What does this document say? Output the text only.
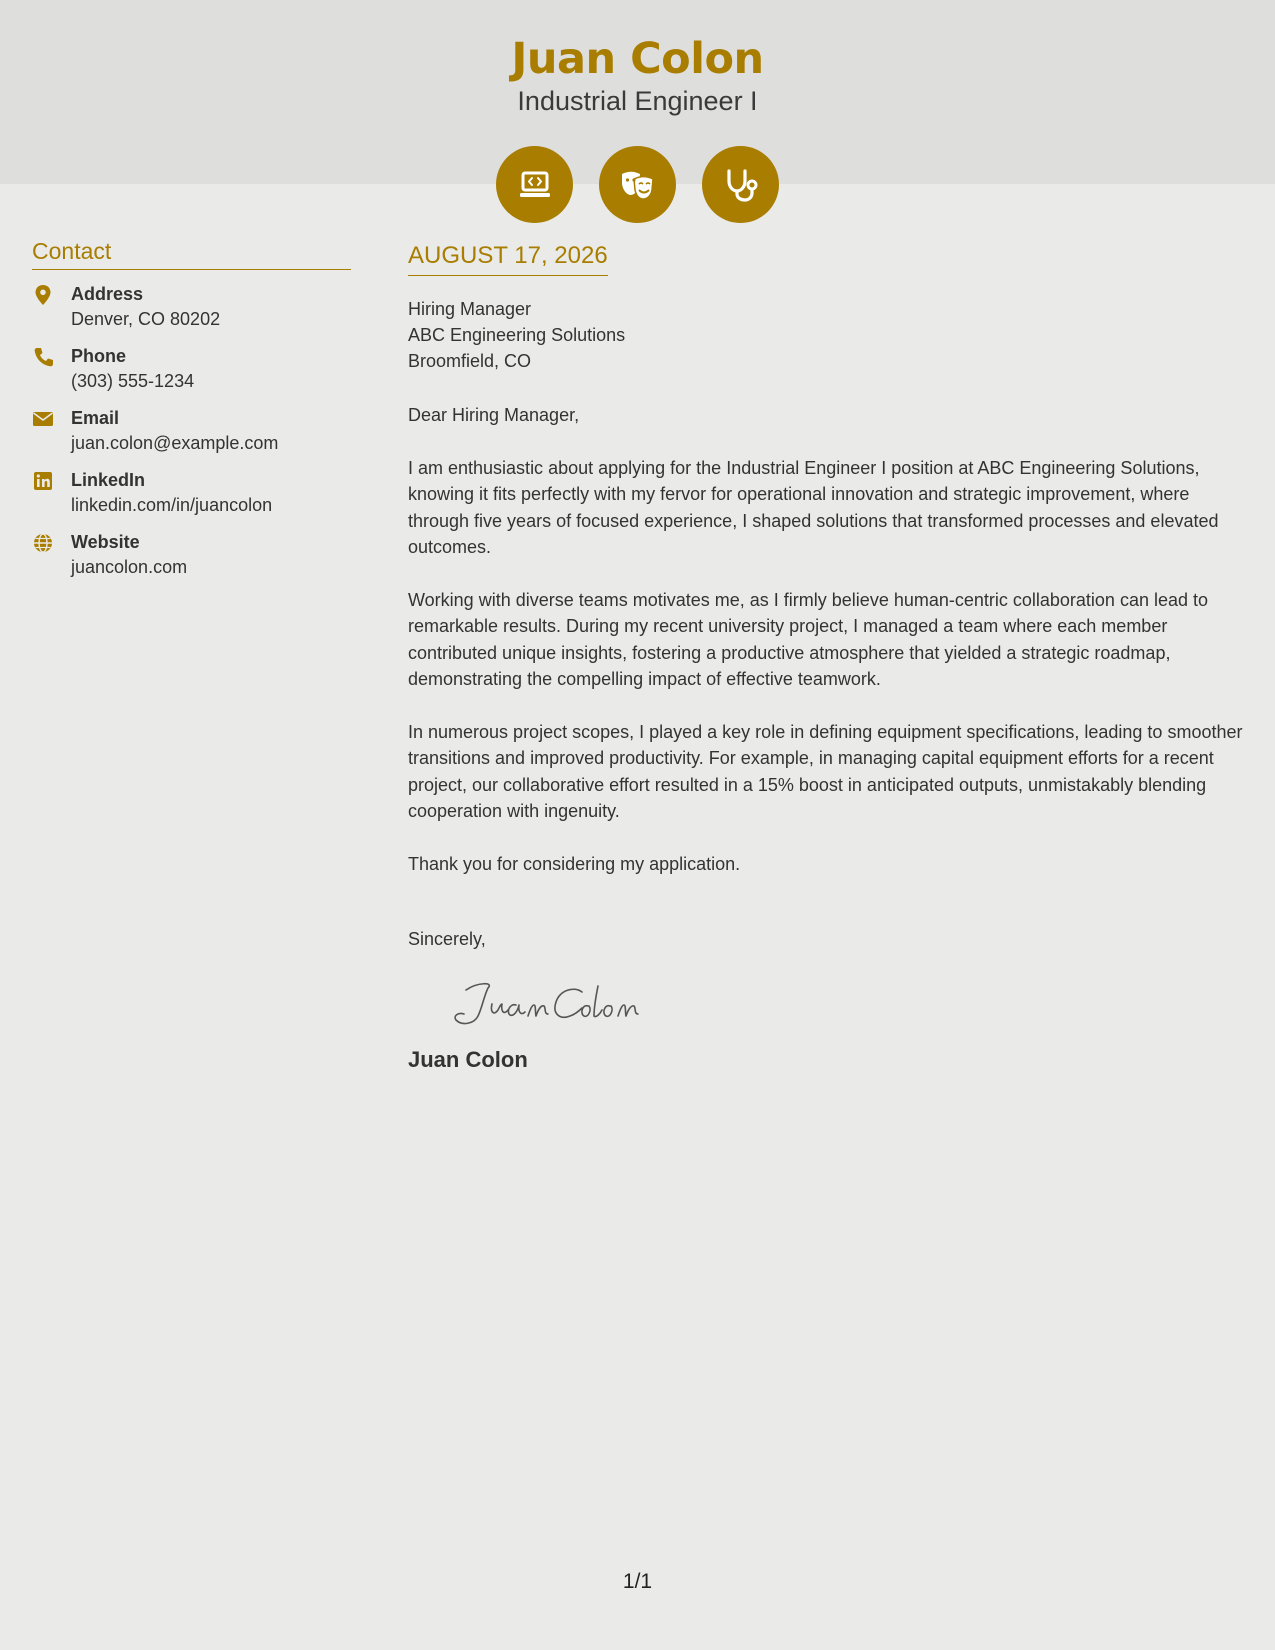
Juan Colon
Industrial Engineer I
Contact
Address
Denver, CO 80202
Phone
(303) 555-1234
Email
juan.colon@example.com
LinkedIn
linkedin.com/in/juancolon
Website
juancolon.com
AUGUST 17, 2026
Hiring Manager
ABC Engineering Solutions
Broomfield, CO

Dear Hiring Manager,

I am enthusiastic about applying for the Industrial Engineer I position at ABC Engineering Solutions, knowing it fits perfectly with my fervor for operational innovation and strategic improvement, where through five years of focused experience, I shaped solutions that transformed processes and elevated outcomes.

Working with diverse teams motivates me, as I firmly believe human-centric collaboration can lead to remarkable results. During my recent university project, I managed a team where each member contributed unique insights, fostering a productive atmosphere that yielded a strategic roadmap, demonstrating the compelling impact of effective teamwork.

In numerous project scopes, I played a key role in defining equipment specifications, leading to smoother transitions and improved productivity. For example, in managing capital equipment efforts for a recent project, our collaborative effort resulted in a 15% boost in anticipated outputs, unmistakably blending cooperation with ingenuity.

Thank you for considering my application.

Sincerely,
Juan Colon
1/1
